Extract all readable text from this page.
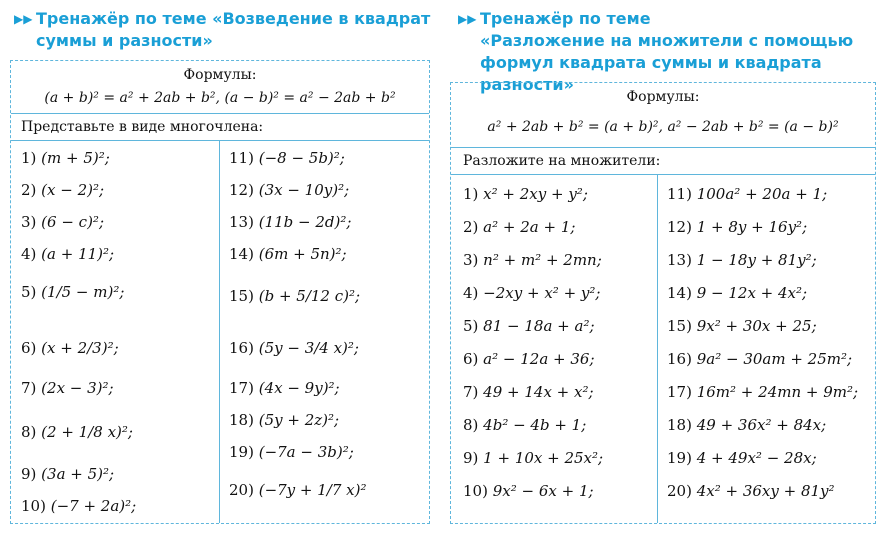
▶▶ Тренажёр по теме «Возведение в квадрат
суммы и разности»
▶▶ Тренажёр по теме
«Разложение на множители с помощью
формул квадрата суммы и квадрата разности»
Формулы:
(a + b)² = a² + 2ab + b², (a − b)² = a² − 2ab + b²
Представьте в виде многочлена:
1) (m + 5)²;
2) (x − 2)²;
3) (6 − c)²;
4) (a + 11)²;
5) (1/5 − m)²;
6) (x + 2/3)²;
7) (2x − 3)²;
8) (2 + 1/8 x)²;
9) (3a + 5)²;
10) (−7 + 2a)²;
11) (−8 − 5b)²;
12) (3x − 10y)²;
13) (11b − 2d)²;
14) (6m + 5n)²;
15) (b + 5/12 c)²;
16) (5y − 3/4 x)²;
17) (4x − 9y)²;
18) (5y + 2z)²;
19) (−7a − 3b)²;
20) (−7y + 1/7 x)²
Формулы:
a² + 2ab + b² = (a + b)², a² − 2ab + b² = (a − b)²
Разложите на множители:
1) x² + 2xy + y²;
2) a² + 2a + 1;
3) n² + m² + 2mn;
4) −2xy + x² + y²;
5) 81 − 18a + a²;
6) a² − 12a + 36;
7) 49 + 14x + x²;
8) 4b² − 4b + 1;
9) 1 + 10x + 25x²;
10) 9x² − 6x + 1;
11) 100a² + 20a + 1;
12) 1 + 8y + 16y²;
13) 1 − 18y + 81y²;
14) 9 − 12x + 4x²;
15) 9x² + 30x + 25;
16) 9a² − 30am + 25m²;
17) 16m² + 24mn + 9m²;
18) 49 + 36x² + 84x;
19) 4 + 49x² − 28x;
20) 4x² + 36xy + 81y²
